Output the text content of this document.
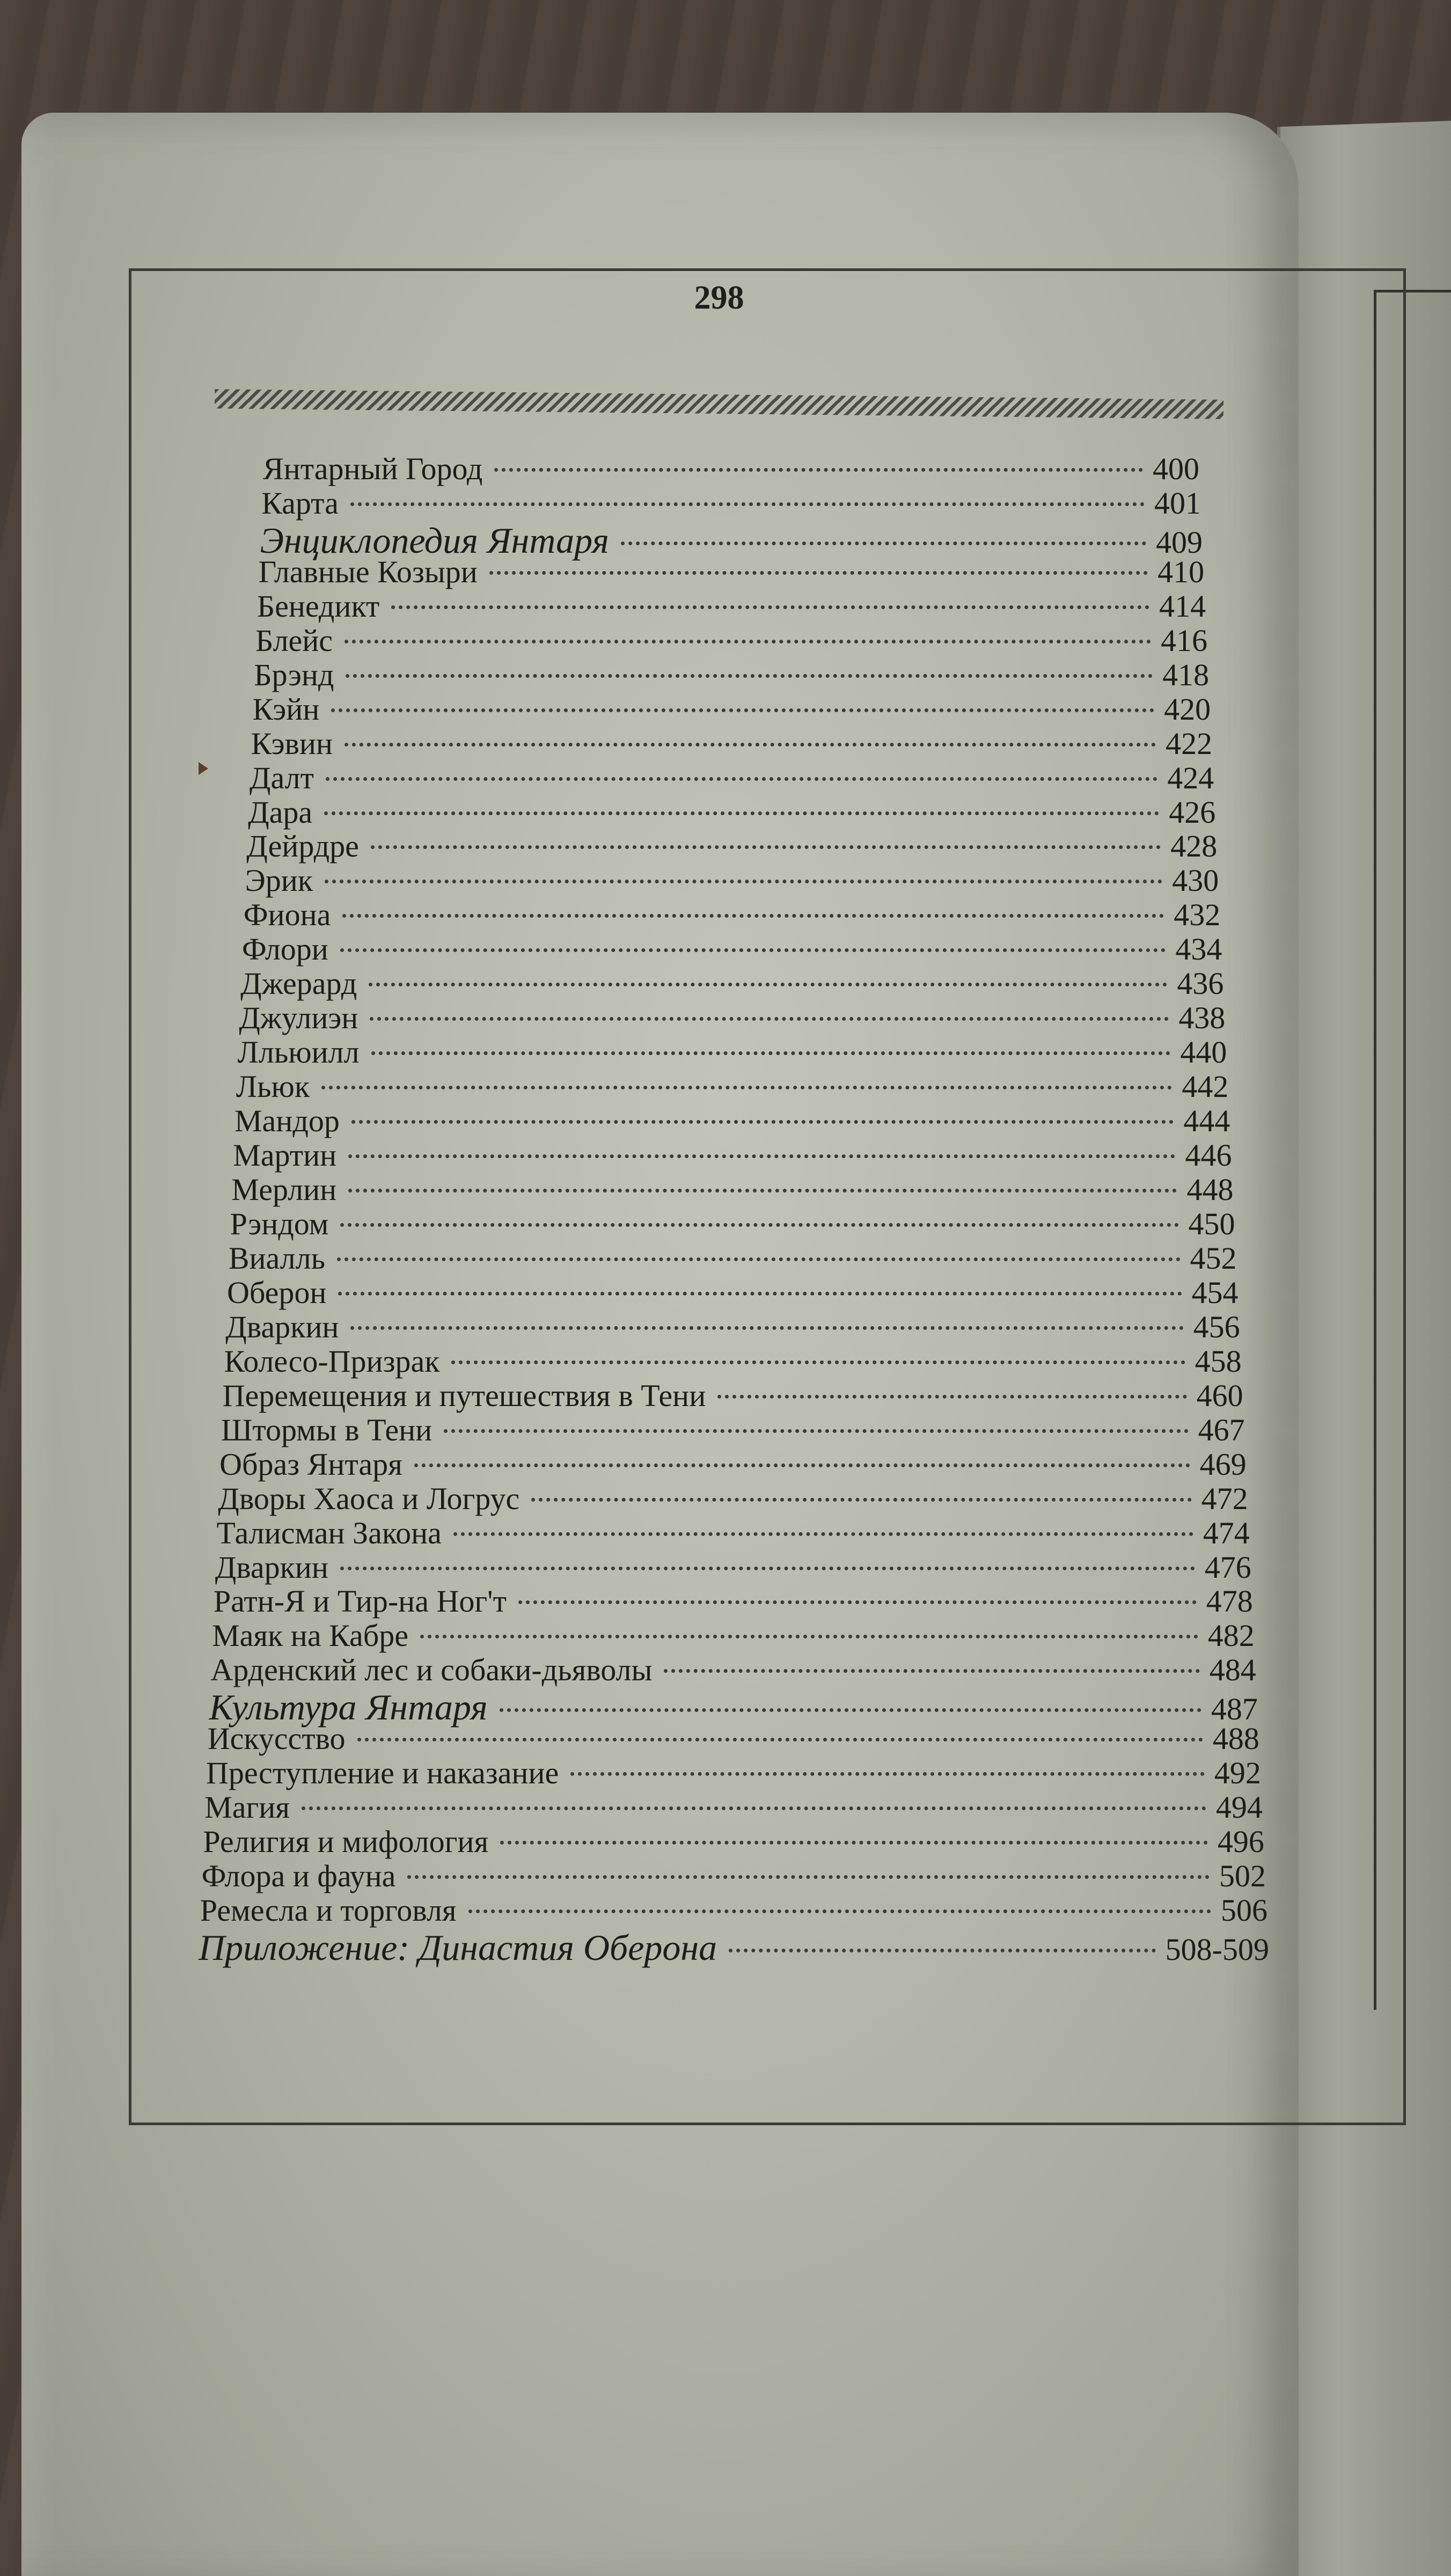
298
Янтарный Город	400
Карта	401
Энциклопедия Янтаря	409
Главные Козыри	410
Бенедикт	414
Блейс	416
Брэнд	418
Кэйн	420
Кэвин	422
Далт	424
Дара	426
Дейрдре	428
Эрик	430
Фиона	432
Флори	434
Джерард	436
Джулиэн	438
Лльюилл	440
Льюк	442
Мандор	444
Мартин	446
Мерлин	448
Рэндом	450
Виалль	452
Оберон	454
Дваркин	456
Колесо-Призрак	458
Перемещения и путешествия в Тени	460
Штормы в Тени	467
Образ Янтаря	469
Дворы Хаоса и Логрус	472
Талисман Закона	474
Дваркин	476
Ратн-Я и Тир-на Ног'т	478
Маяк на Кабре	482
Арденский лес и собаки-дьяволы	484
Культура Янтаря	487
Искусство	488
Преступление и наказание	492
Магия	494
Религия и мифология	496
Флора и фауна	502
Ремесла и торговля	506
Приложение: Династия Оберона	508-509
